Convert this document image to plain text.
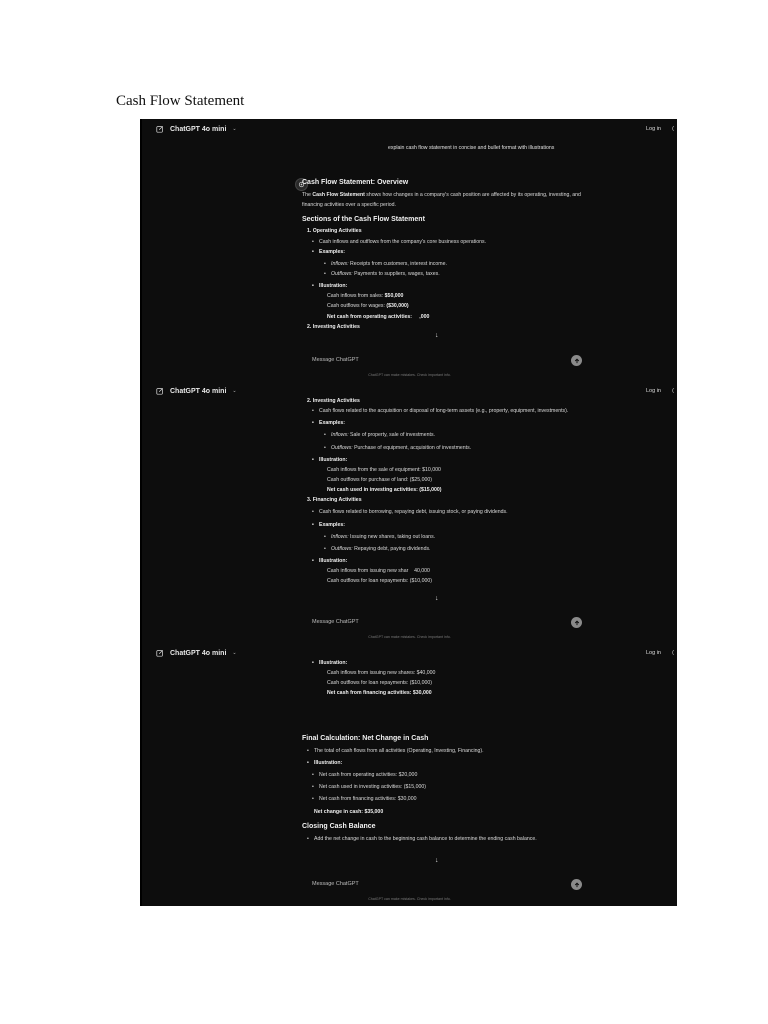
Cash Flow Statement
ChatGPT 4o mini ⌄	Log in (
explain cash flow statement in concise and bullet format with illustrations
Cash Flow Statement: Overview

The Cash Flow Statement shows how changes in a company's cash position are affected by its operating, investing, and financing activities over a specific period.

Sections of the Cash Flow Statement
1. Operating Activities
• Cash inflows and outflows from the company's core business operations.
• Examples:
• Inflows: Receipts from customers, interest income.
• Outflows: Payments to suppliers, wages, taxes.
• Illustration:
Cash inflows from sales: $50,000
Cash outflows for wages: ($30,000)
Net cash from operating activities:     ,000
2. Investing Activities
↓
Message ChatGPT
ChatGPT can make mistakes. Check important info.
ChatGPT 4o mini ⌄	Log in (
2. Investing Activities
• Cash flows related to the acquisition or disposal of long-term assets (e.g., property, equipment, investments).
• Examples:
• Inflows: Sale of property, sale of investments.
• Outflows: Purchase of equipment, acquisition of investments.
• Illustration:
Cash inflows from the sale of equipment: $10,000
Cash outflows for purchase of land: ($25,000)
Net cash used in investing activities: ($15,000)
3. Financing Activities
• Cash flows related to borrowing, repaying debt, issuing stock, or paying dividends.
• Examples:
• Inflows: Issuing new shares, taking out loans.
• Outflows: Repaying debt, paying dividends.
• Illustration:
Cash inflows from issuing new shar 40,000
Cash outflows for loan repayments: ($10,000)
↓
Message ChatGPT
ChatGPT can make mistakes. Check important info.
ChatGPT 4o mini ⌄	Log in (
• Illustration:
Cash inflows from issuing new shares: $40,000
Cash outflows for loan repayments: ($10,000)
Net cash from financing activities: $30,000
Final Calculation: Net Change in Cash
• The total of cash flows from all activities (Operating, Investing, Financing).
• Illustration:
• Net cash from operating activities: $20,000
• Net cash used in investing activities: ($15,000)
• Net cash from financing activities: $30,000
Net change in cash: $35,000
Closing Cash Balance
• Add the net change in cash to the beginning cash balance to determine the ending cash balance.
↓
Message ChatGPT
ChatGPT can make mistakes. Check important info.
